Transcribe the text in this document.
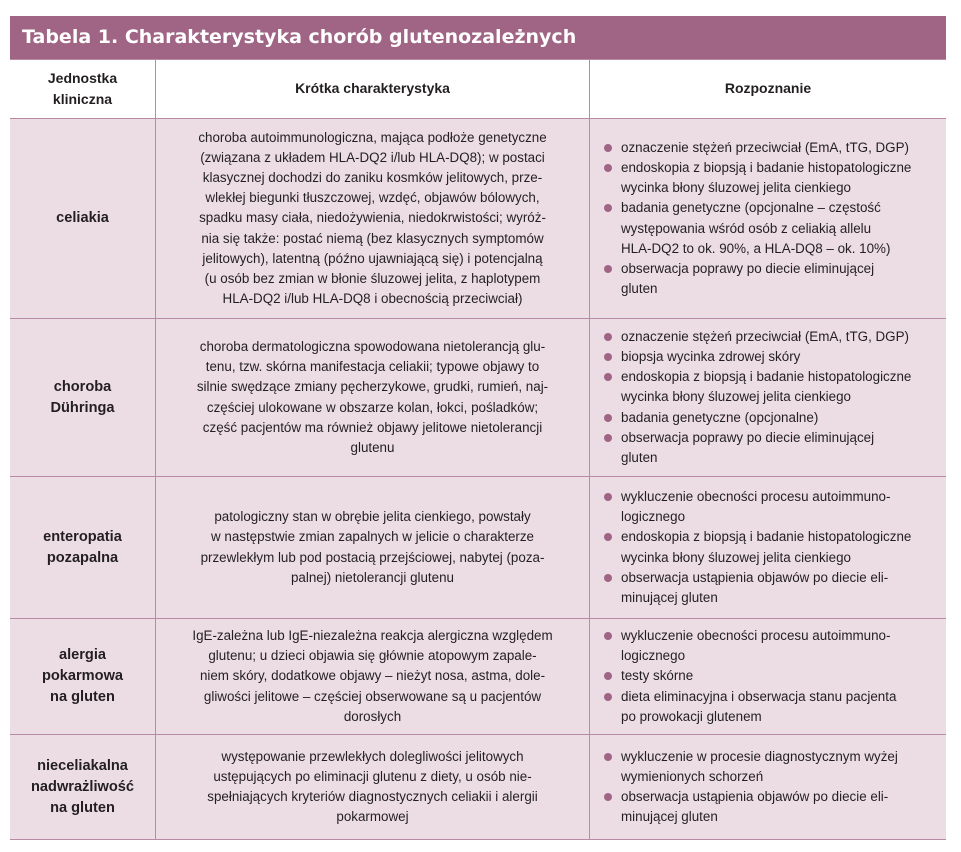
Tabela 1. Charakterystyka chorób glutenozależnych
Jednostka
kliniczna
Krótka charakterystyka	Rozpoznanie
celiakia
choroba autoimmunologiczna, mająca podłoże genetyczne
(związana z układem HLA-DQ2 i/lub HLA-DQ8); w postaci
klasycznej dochodzi do zaniku kosmków jelitowych, prze-
wlekłej biegunki tłuszczowej, wzdęć, objawów bólowych,
spadku masy ciała, niedożywienia, niedokrwistości; wyróż-
nia się także: postać niemą (bez klasycznych symptomów
jelitowych), latentną (późno ujawniającą się) i potencjalną
(u osób bez zmian w błonie śluzowej jelita, z haplotypem
HLA-DQ2 i/lub HLA-DQ8 i obecnością przeciwciał)
oznaczenie stężeń przeciwciał (EmA, tTG, DGP)
endoskopia z biopsją i badanie histopatologiczne
wycinka błony śluzowej jelita cienkiego
badania genetyczne (opcjonalne – częstość
występowania wśród osób z celiakią allelu
HLA-DQ2 to ok. 90%, a HLA-DQ8 – ok. 10%)
obserwacja poprawy po diecie eliminującej
gluten
choroba
Dühringa
choroba dermatologiczna spowodowana nietolerancją glu-
tenu, tzw. skórna manifestacja celiakii; typowe objawy to
silnie swędzące zmiany pęcherzykowe, grudki, rumień, naj-
częściej ulokowane w obszarze kolan, łokci, pośladków;
część pacjentów ma również objawy jelitowe nietolerancji
glutenu
oznaczenie stężeń przeciwciał (EmA, tTG, DGP)
biopsja wycinka zdrowej skóry
endoskopia z biopsją i badanie histopatologiczne
wycinka błony śluzowej jelita cienkiego
badania genetyczne (opcjonalne)
obserwacja poprawy po diecie eliminującej
gluten
enteropatia
pozapalna
patologiczny stan w obrębie jelita cienkiego, powstały
w następstwie zmian zapalnych w jelicie o charakterze
przewlekłym lub pod postacią przejściowej, nabytej (poza-
palnej) nietolerancji glutenu
wykluczenie obecności procesu autoimmuno-
logicznego
endoskopia z biopsją i badanie histopatologiczne
wycinka błony śluzowej jelita cienkiego
obserwacja ustąpienia objawów po diecie eli-
minującej gluten
alergia
pokarmowa
na gluten
IgE-zależna lub IgE-niezależna reakcja alergiczna względem
glutenu; u dzieci objawia się głównie atopowym zapale-
niem skóry, dodatkowe objawy – nieżyt nosa, astma, dole-
gliwości jelitowe – częściej obserwowane są u pacjentów
dorosłych
wykluczenie obecności procesu autoimmuno-
logicznego
testy skórne
dieta eliminacyjna i obserwacja stanu pacjenta
po prowokacji glutenem
nieceliakalna
nadwrażliwość
na gluten
występowanie przewlekłych dolegliwości jelitowych
ustępujących po eliminacji glutenu z diety, u osób nie-
spełniających kryteriów diagnostycznych celiakii i alergii
pokarmowej
wykluczenie w procesie diagnostycznym wyżej
wymienionych schorzeń
obserwacja ustąpienia objawów po diecie eli-
minującej gluten
